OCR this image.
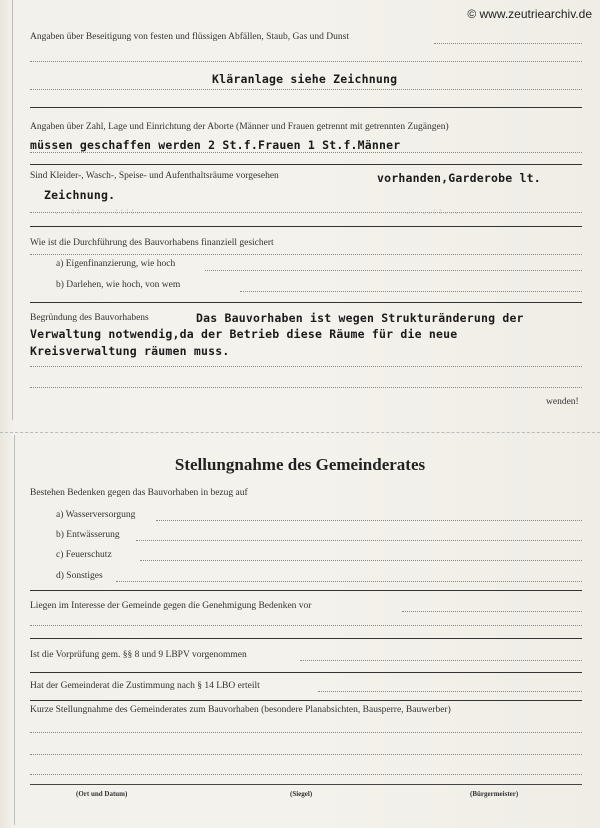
© www.zeutriearchiv.de
Angaben über Beseitigung von festen und flüssigen Abfällen, Staub, Gas und Dunst
Kläranlage siehe Zeichnung
Angaben über Zahl, Lage und Einrichtung der Aborte (Männer und Frauen getrennt mit getrennten Zugängen)
müssen geschaffen werden 2 St.f.Frauen 1 St.f.Männer
Sind Kleider-, Wasch-, Speise- und Aufenthaltsräume vorgesehen	vorhanden,Garderobe lt.
Zeichnung.
.. :: .... ::::.. ..	.. ..::.... ..
Wie ist die Durchführung des Bauvorhabens finanziell gesichert
a) Eigenfinanzierung, wie hoch
b) Darlehen, wie hoch, von wem
Begründung des Bauvorhabens	Das Bauvorhaben ist wegen Strukturänderung der
Verwaltung notwendig,da der Betrieb diese Räume für die neue
Kreisverwaltung räumen muss.
wenden!
Stellungnahme des Gemeinderates
Bestehen Bedenken gegen das Bauvorhaben in bezug auf
a) Wasserversorgung
b) Entwässerung
c) Feuerschutz
d) Sonstiges
Liegen im Interesse der Gemeinde gegen die Genehmigung Bedenken vor
Ist die Vorprüfung gem. §§ 8 und 9 LBPV vorgenommen
Hat der Gemeinderat die Zustimmung nach § 14 LBO erteilt
Kurze Stellungnahme des Gemeinderates zum Bauvorhaben (besondere Planabsichten, Bausperre, Bauwerber)
(Ort und Datum)	(Siegel)	(Bürgermeister)
